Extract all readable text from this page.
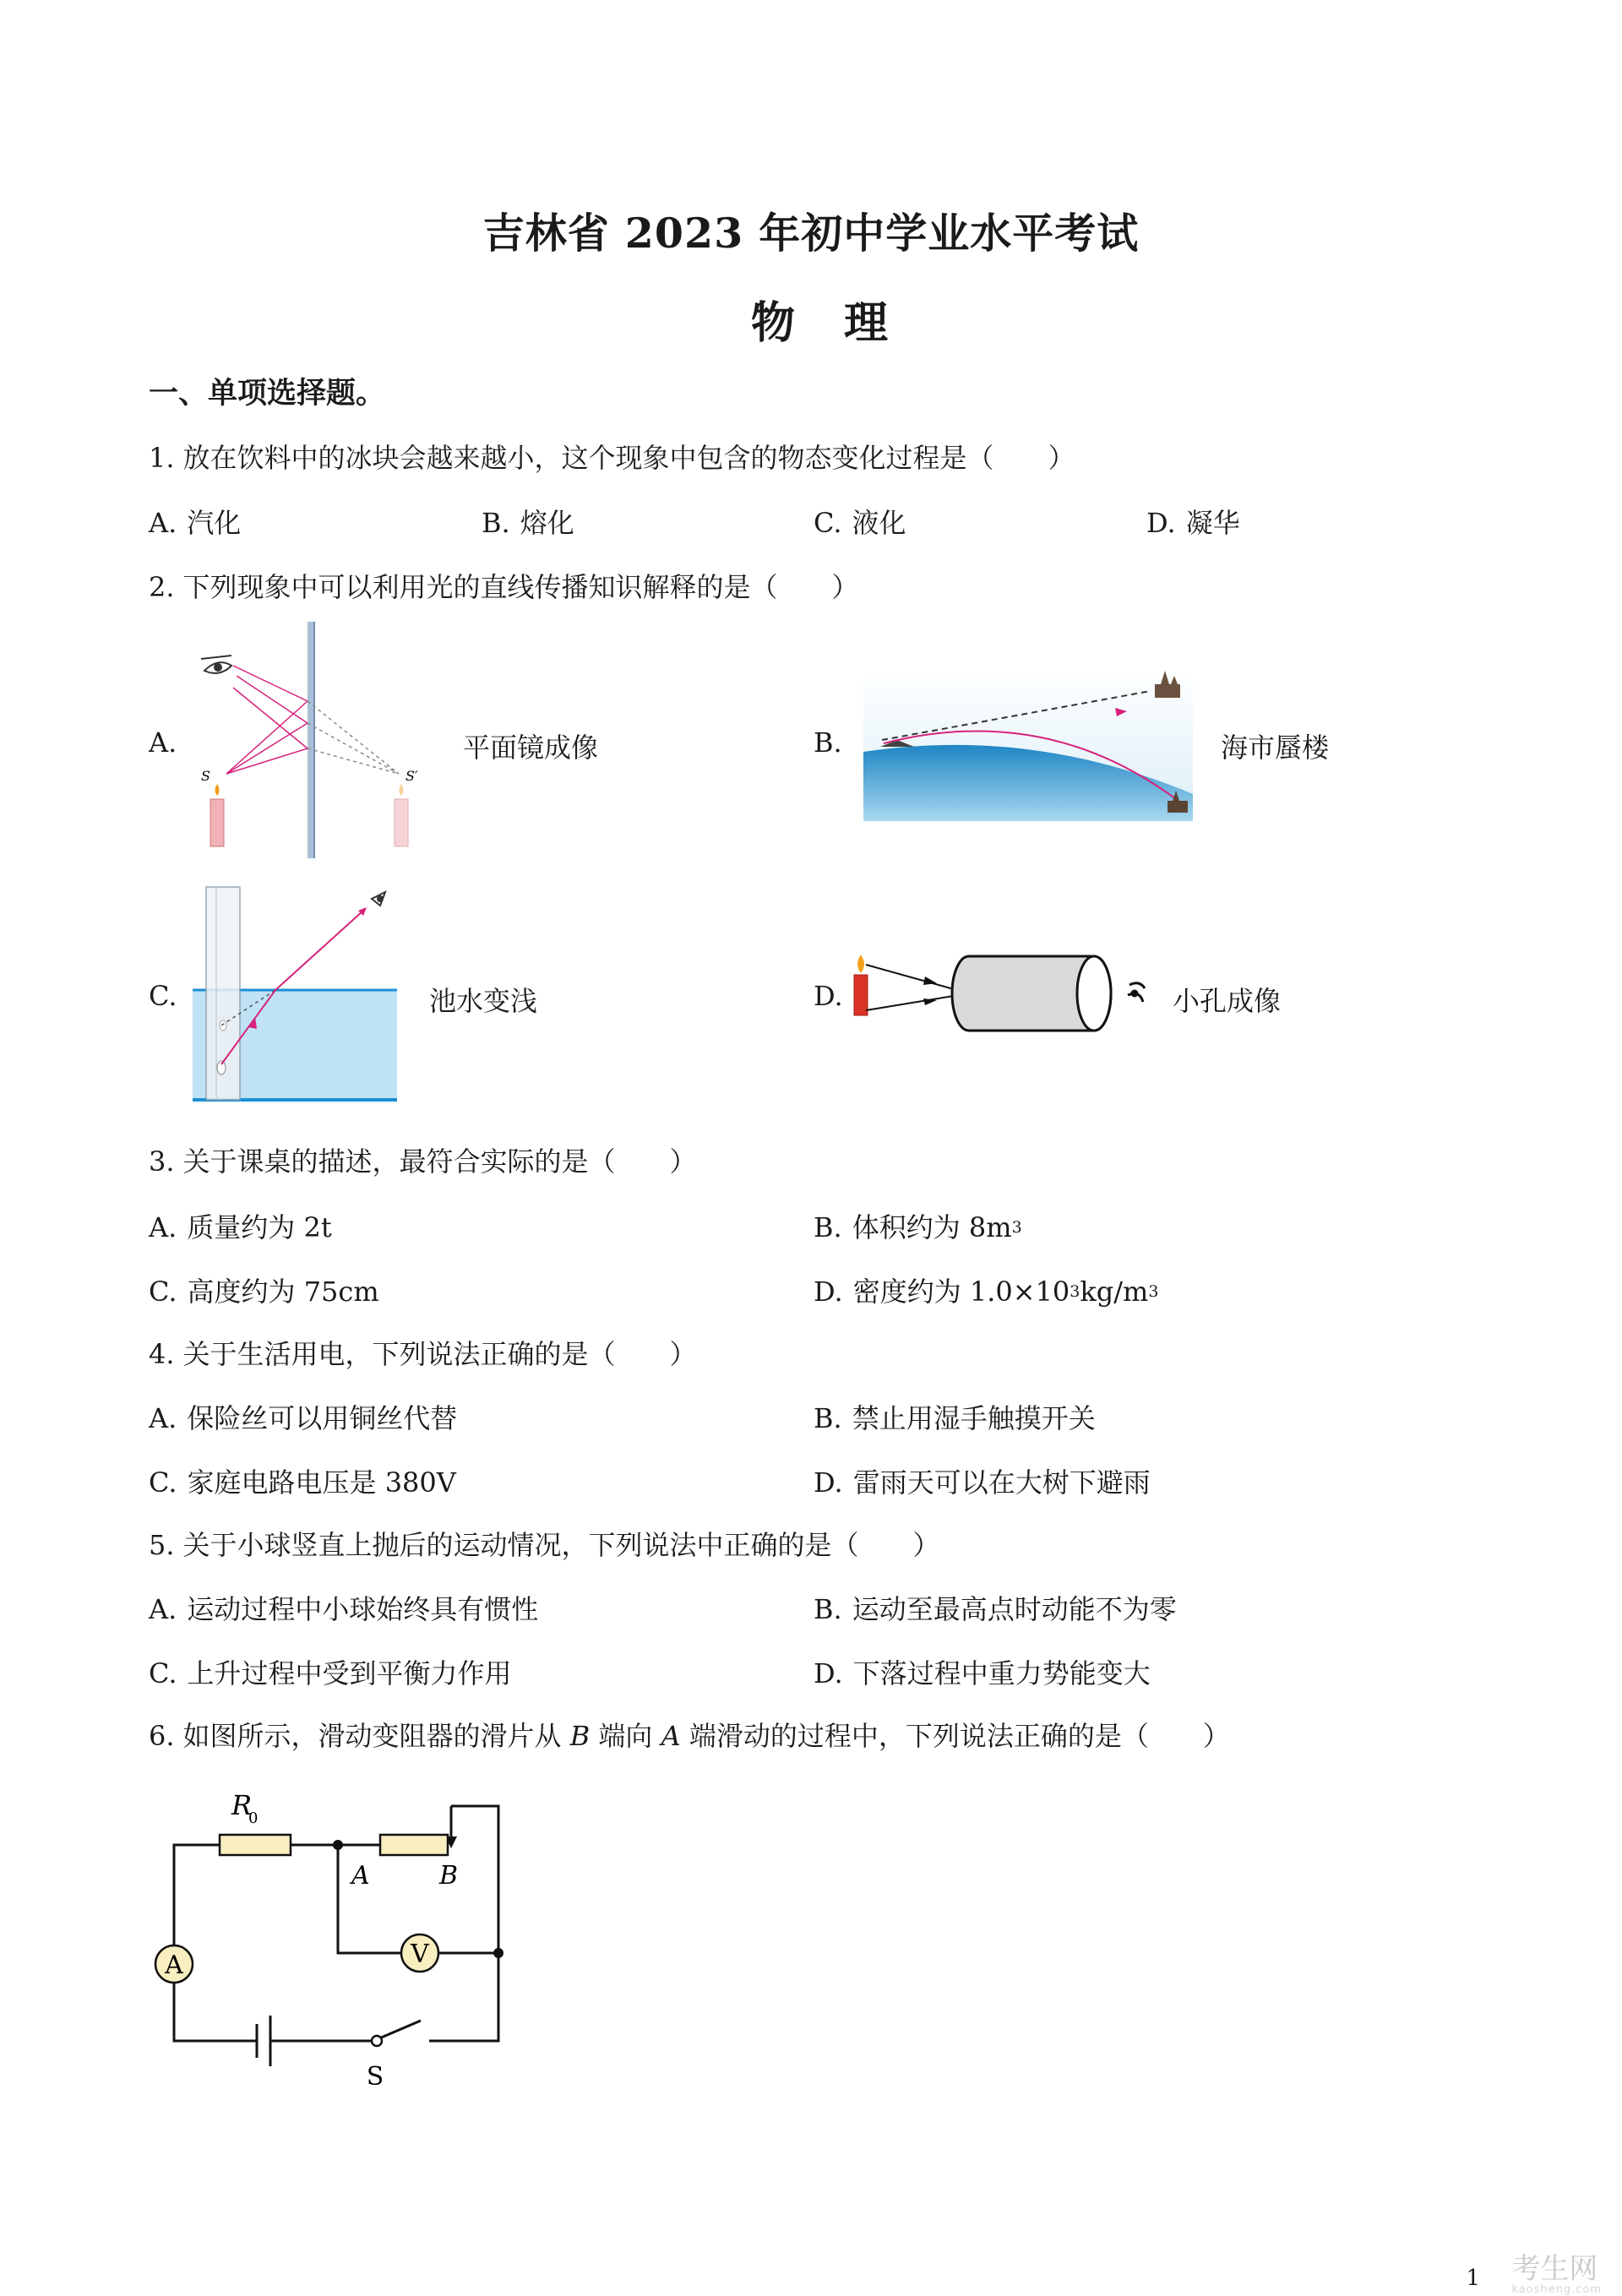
吉林省 2023 年初中学业水平考试
物 理
一、单项选择题。
1. 放在饮料中的冰块会越来越小，这个现象中包含的物态变化过程是（　　）
A. 汽化	B. 熔化	C. 液化	D. 凝华
2. 下列现象中可以利用光的直线传播知识解释的是（　　）
A.
S	S′
平面镜成像	B.	海市蜃楼
C.	池水变浅	D.	小孔成像
3. 关于课桌的描述，最符合实际的是（　　）
A. 质量约为 2t	B. 体积约为 $8m^3$
C. 高度约为 75cm	D. 密度约为 $1.0\times 10^3kg/m^3$
4. 关于生活用电，下列说法正确的是（　　）
A. 保险丝可以用铜丝代替	B. 禁止用湿手触摸开关
C. 家庭电路电压是 380V	D. 雷雨天可以在大树下避雨
5. 关于小球竖直上抛后的运动情况，下列说法中正确的是（　　）
A. 运动过程中小球始终具有惯性	B. 运动至最高点时动能不为零
C. 上升过程中受到平衡力作用	D. 下落过程中重力势能变大
6. 如图所示，滑动变阻器的滑片从 B 端向 A 端滑动的过程中，下列说法正确的是（　　）
A	V
R
0
A	B
S
1 考生网
kaosheng.com
